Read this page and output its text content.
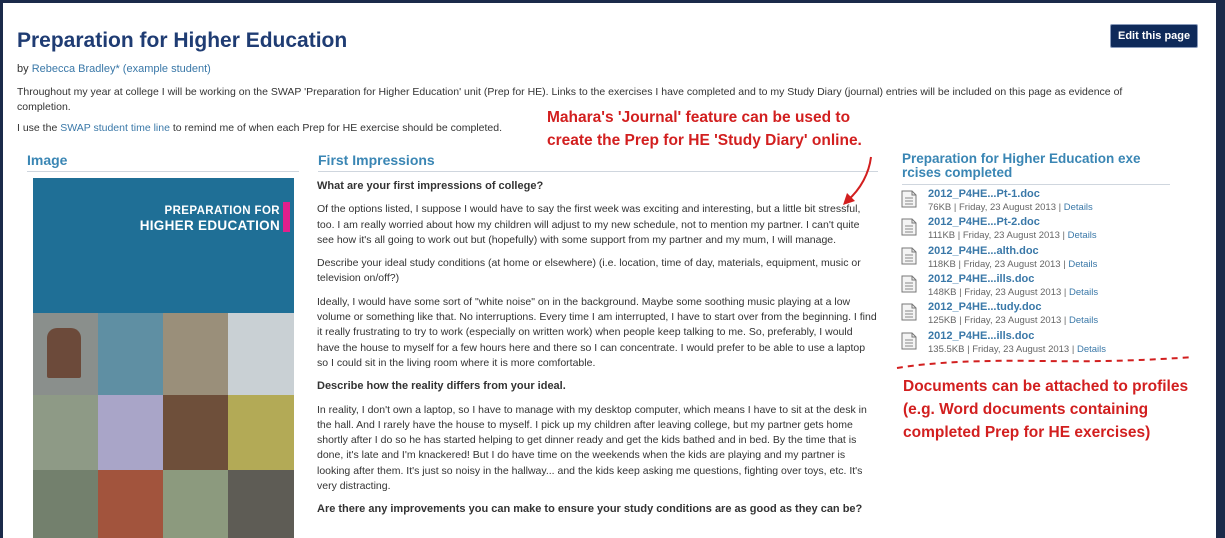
Preparation for Higher Education	Edit this page
by Rebecca Bradley* (example student)

Throughout my year at college I will be working on the SWAP 'Preparation for Higher Education' unit (Prep for HE). Links to the exercises I have completed and to my Study Diary (journal) entries will be included on this page as evidence of completion.

I use the SWAP student time line to remind me of when each Prep for HE exercise should be completed.

Image
PREPARATION FOR
HIGHER EDUCATION
First Impressions

What are your first impressions of college?

Of the options listed, I suppose I would have to say the first week was exciting and interesting, but a little bit stressful, too. I am really worried about how my children will adjust to my new schedule, not to mention my partner. I can't quite see how it's all going to work out but (hopefully) with some support from my partner and my mum, I will manage.

Describe your ideal study conditions (at home or elsewhere) (i.e. location, time of day, materials, equipment, music or television on/off?)

Ideally, I would have some sort of "white noise" on in the background. Maybe some soothing music playing at a low volume or something like that. No interruptions. Every time I am interrupted, I have to start over from the beginning. I find it really frustrating to try to work (especially on written work) when people keep talking to me. So, preferably, I would have the house to myself for a few hours here and there so I can concentrate. I would prefer to be able to use a laptop so I could sit in the living room where it is more comfortable.

Describe how the reality differs from your ideal.

In reality, I don't own a laptop, so I have to manage with my desktop computer, which means I have to sit at the desk in the hall. And I rarely have the house to myself. I pick up my children after leaving college, but my partner gets home shortly after I do so he has started helping to get dinner ready and get the kids bathed and in bed. By the time that is done, it's late and I'm knackered! But I do have time on the weekends when the kids are playing and my partner is looking after them. It's just so noisy in the hallway... and the kids keep asking me questions, fighting over toys, etc. It's very distracting.

Are there any improvements you can make to ensure your study conditions are as good as they can be?

Preparation for Higher Education exe
rcises completed
2012_P4HE...Pt-1.doc
76KB | Friday, 23 August 2013 | Details
2012_P4HE...Pt-2.doc
111KB | Friday, 23 August 2013 | Details
2012_P4HE...alth.doc
118KB | Friday, 23 August 2013 | Details
2012_P4HE...ills.doc
148KB | Friday, 23 August 2013 | Details
2012_P4HE...tudy.doc
125KB | Friday, 23 August 2013 | Details
2012_P4HE...ills.doc
135.5KB | Friday, 23 August 2013 | Details
Mahara's 'Journal' feature can be used to
create the Prep for HE 'Study Diary' online.
Documents can be attached to profiles
(e.g. Word documents containing
completed Prep for HE exercises)
